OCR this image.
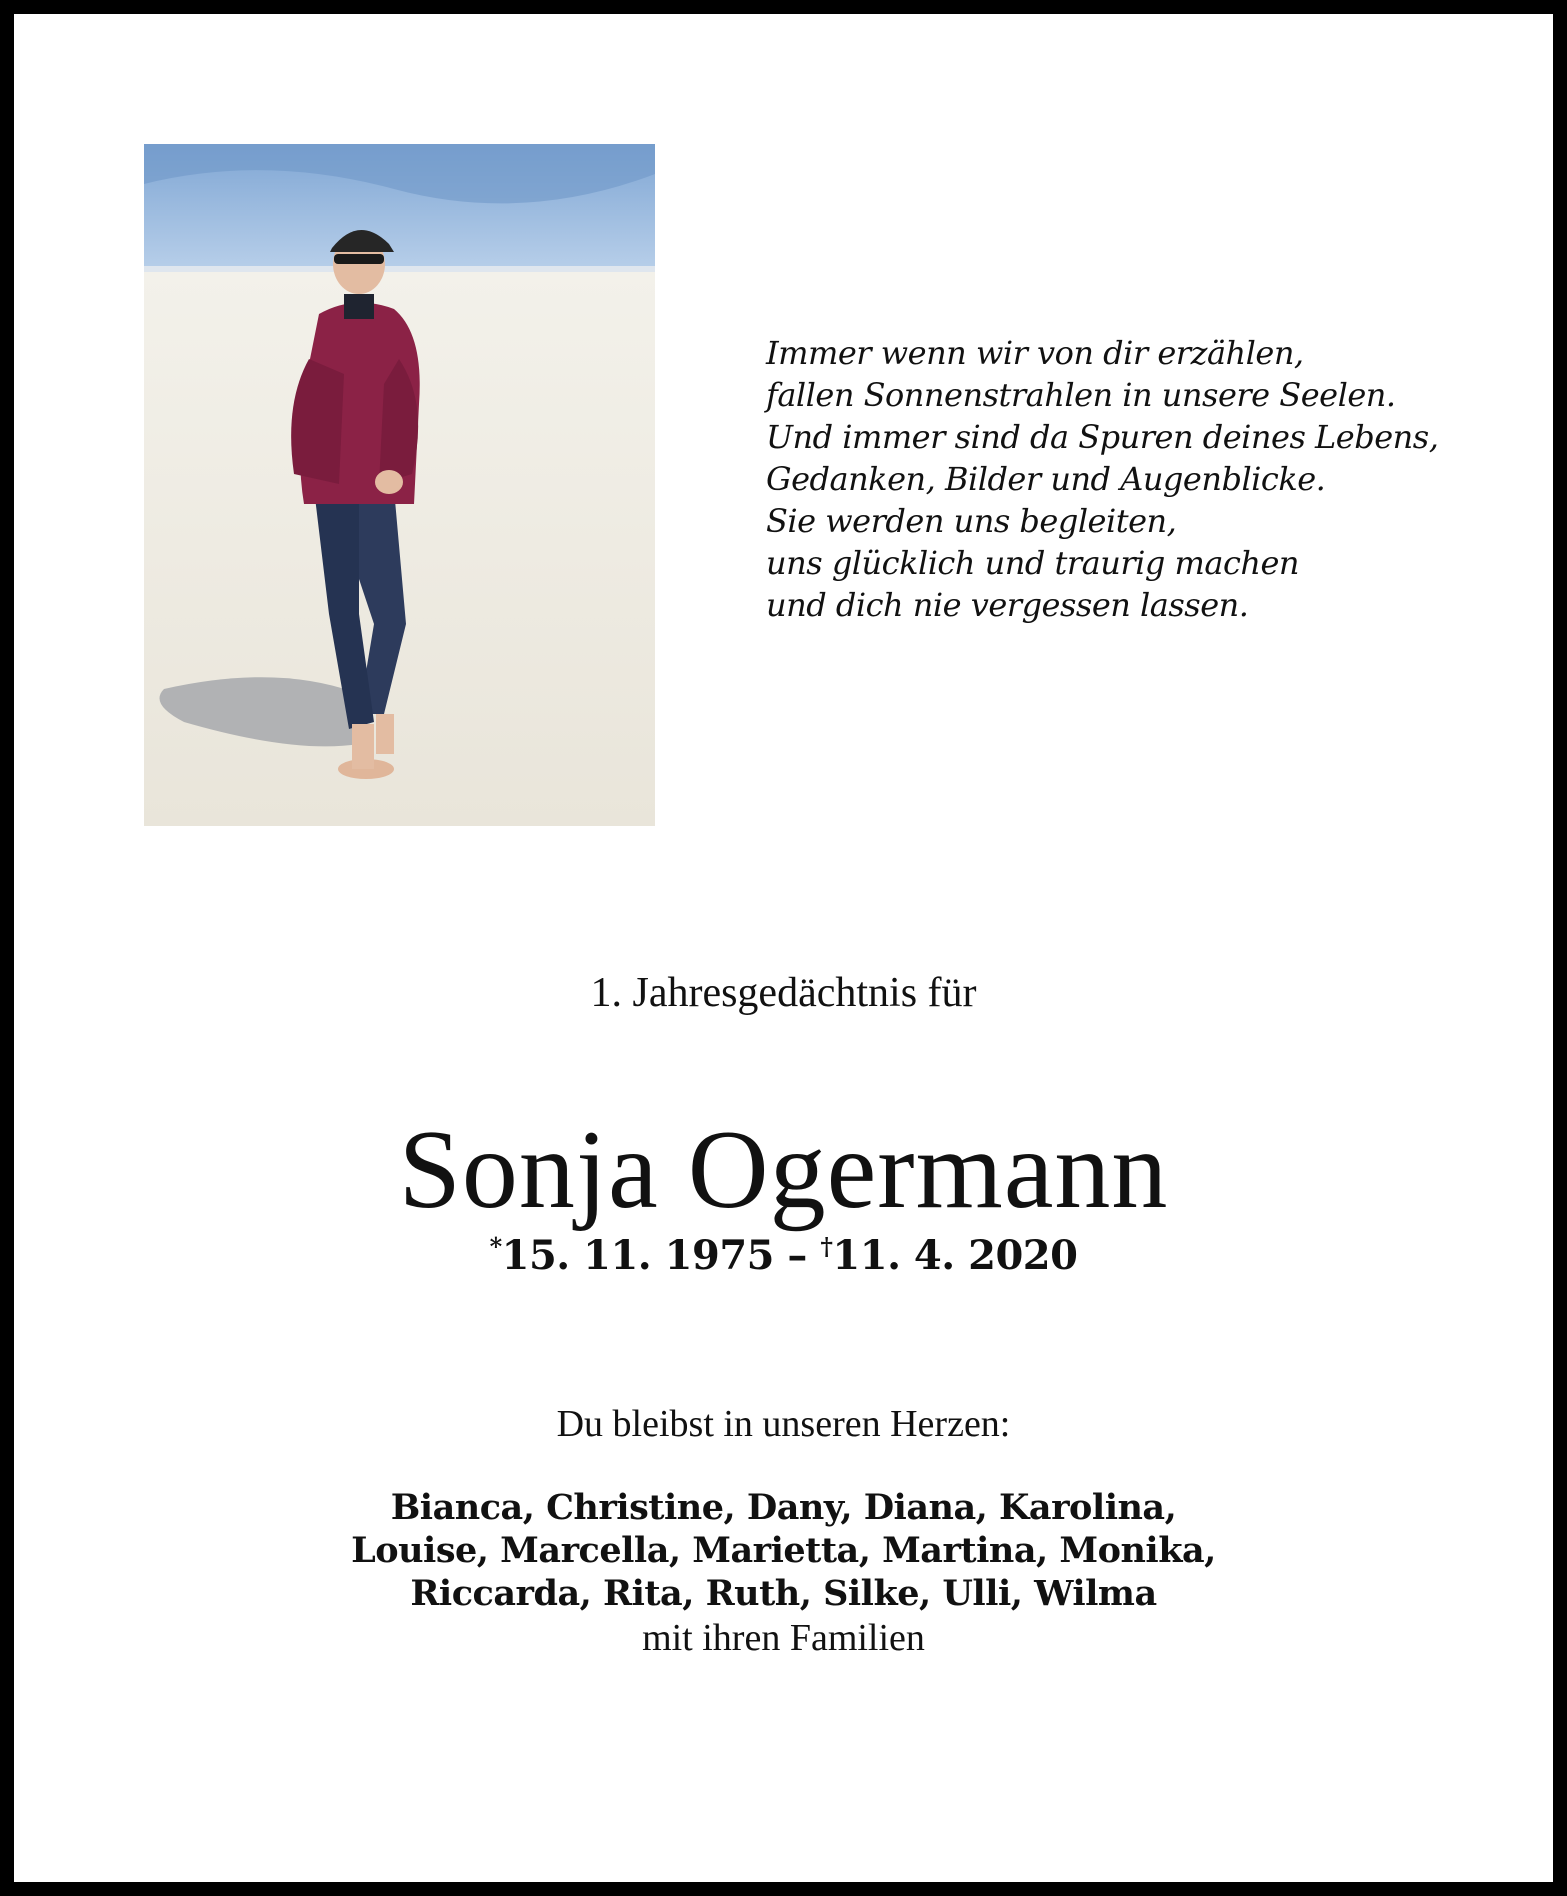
Immer wenn wir von dir erzählen,
fallen Sonnenstrahlen in unsere Seelen.
Und immer sind da Spuren deines Lebens,
Gedanken, Bilder und Augenblicke.
Sie werden uns begleiten,
uns glücklich und traurig machen
und dich nie vergessen lassen.
1. Jahresgedächtnis für
Sonja Ogermann
*15. 11. 1975 – †11. 4. 2020
Du bleibst in unseren Herzen:
Bianca, Christine, Dany, Diana, Karolina,
Louise, Marcella, Marietta, Martina, Monika,
Riccarda, Rita, Ruth, Silke, Ulli, Wilma
mit ihren Familien
